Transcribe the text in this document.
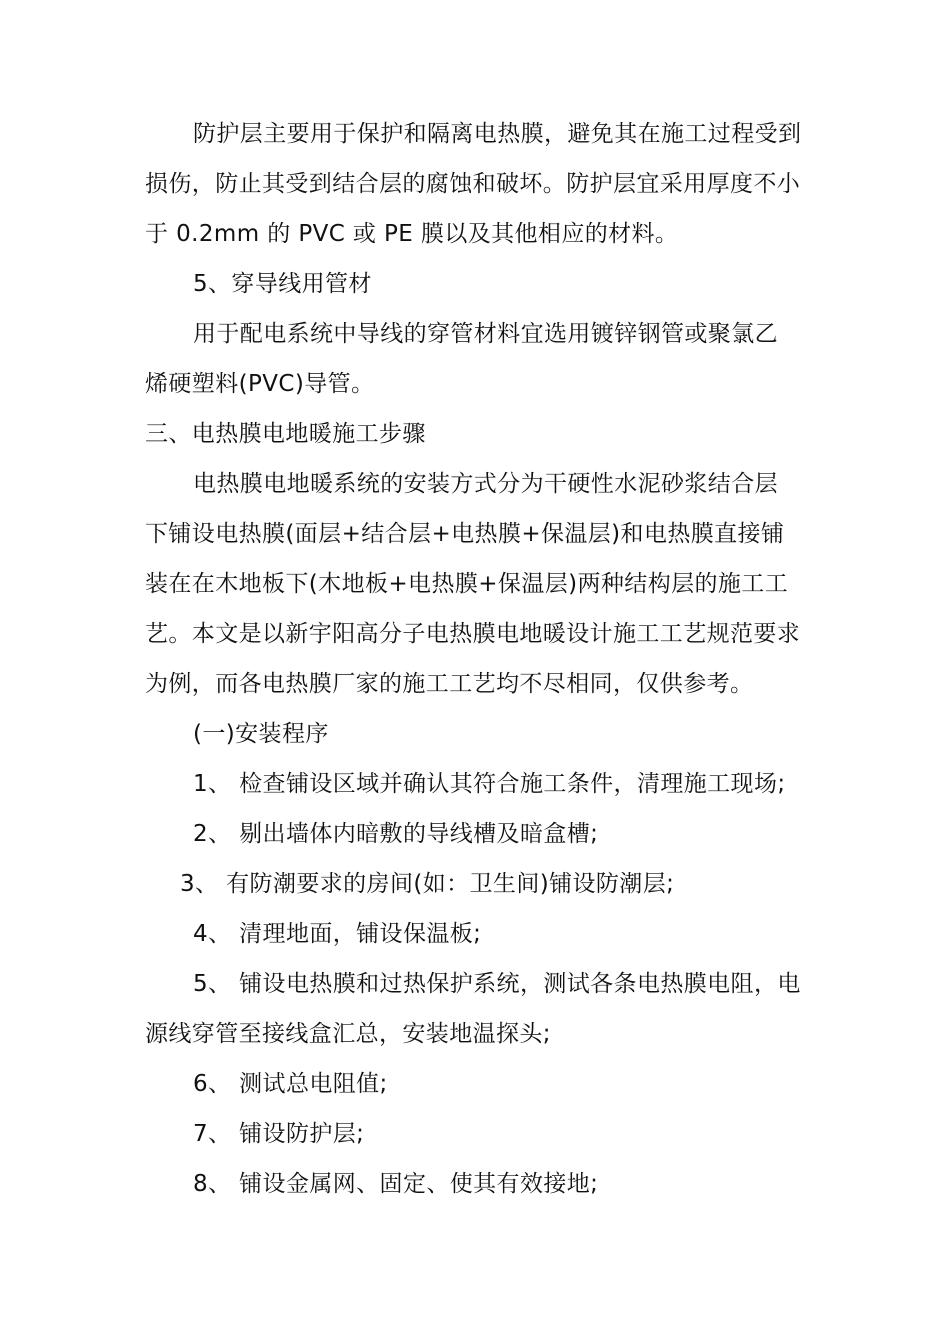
防护层主要用于保护和隔离电热膜，避免其在施工过程受到
损伤，防止其受到结合层的腐蚀和破坏。防护层宜采用厚度不小
于 0.2mm 的 PVC 或 PE 膜以及其他相应的材料。
5、穿导线用管材
用于配电系统中导线的穿管材料宜选用镀锌钢管或聚氯乙
烯硬塑料(PVC)导管。
三、电热膜电地暖施工步骤
电热膜电地暖系统的安装方式分为干硬性水泥砂浆结合层
下铺设电热膜(面层+结合层+电热膜+保温层)和电热膜直接铺
装在在木地板下(木地板+电热膜+保温层)两种结构层的施工工
艺。本文是以新宇阳高分子电热膜电地暖设计施工工艺规范要求
为例，而各电热膜厂家的施工工艺均不尽相同，仅供参考。
(一)安装程序
1、 检查铺设区域并确认其符合施工条件，清理施工现场;
2、 剔出墙体内暗敷的导线槽及暗盒槽;
3、 有防潮要求的房间(如：卫生间)铺设防潮层;
4、 清理地面，铺设保温板;
5、 铺设电热膜和过热保护系统，测试各条电热膜电阻，电
源线穿管至接线盒汇总，安装地温探头;
6、 测试总电阻值;
7、 铺设防护层;
8、 铺设金属网、固定、使其有效接地;
